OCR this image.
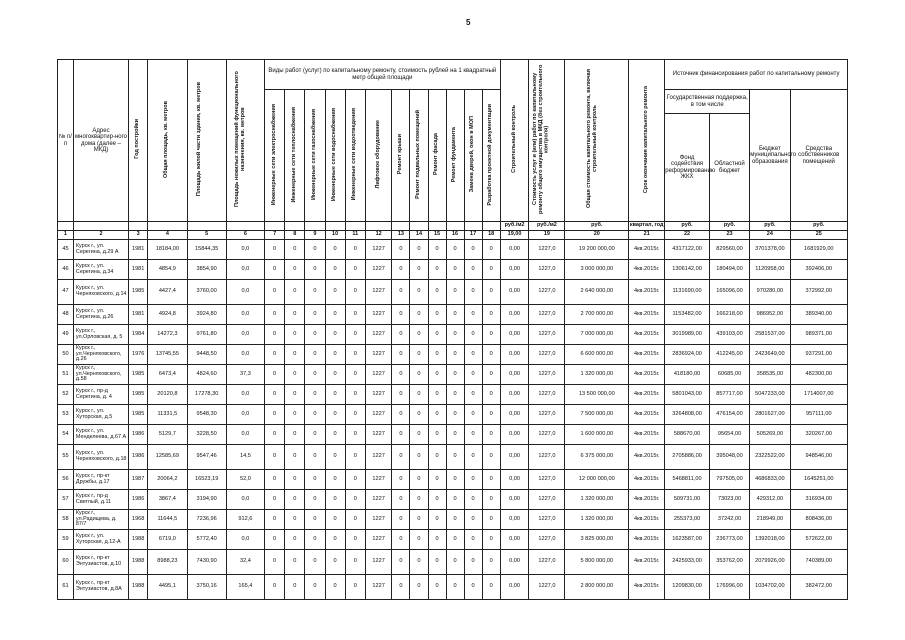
5
№ п/п	Адрес многоквартир-ного дома (далее – МКД)	Год постройки	Общая площадь, кв. метров	Площадь жилой части здания, кв. метров	Площадь нежилых помещений функционального назначения, кв. метров	Виды работ (услуг) по капитальному ремонту, стоимость рублей на 1 квадратный метр общей площади												Строительный контроль	Стоимость услуг и (или) работ по капитальному ремонту общего имущества в МКД (без строительного контроля)	Общая стоимость капитального ремонта, включая строительный контроль	Срок окончания капитального ремонта	Источник финансирования работ по капитальному ремонту			
						Инженерные сети электроснабжения	Инженерные сети теплоснабжения	Инженерные сети газоснабжения	Инженерные сети водоснабжения	Инженерные сети водоотведения	Лифтовое оборудование	Ремонт крыши	Ремонт подвальных помещений	Ремонт фасада	Ремонт фундамента	Замена дверей, окон в МОП	Разработка проектной документации					Государственная поддержка, в том числе		Бюджет муниципального образования	Средства собственников помещений
																						Фонд содействия реформированию ЖКХ	Областной бюджет		
																		руб./м2	руб./м2	руб.	квартал, год	руб.	руб.	руб.	руб.
1	2	3	4	5	6	7	8	9	10	11	12	13	14	15	16	17	18	19,00	19	20	21	22	23	24	25
45	Курск г., ул. Серегина, д.29 А	1981	18184,00	15844,35	0,0	0	0	0	0	0	1227	0	0	0	0	0	0	0,00	1227,0	19 200 000,00	4кв.2015г.	4317122,00	829560,00	3701378,00	1681929,00
46	Курск г., ул. Серегина, д.34	1981	4854,9	3854,90	0,0	0	0	0	0	0	1227	0	0	0	0	0	0	0,00	1227,0	3 000 000,00	4кв.2015г.	1306142,00	180494,00	1120958,00	392406,00
47	Курск г., ул. Черняховского, д.14	1985	4427,4	3760,00	0,0	0	0	0	0	0	1227	0	0	0	0	0	0	0,00	1227,0	2 640 000,00	4кв.2015г.	1131690,00	165096,00	970280,00	372992,00
48	Курск г., ул. Серегина, д.26	1981	4924,8	3924,80	0,0	0	0	0	0	0	1227	0	0	0	0	0	0	0,00	1227,0	2 700 000,00	4кв.2015г.	1153482,00	166218,00	986952,00	389340,00
49	Курск г., ул.Орловская, д. 5	1984	14272,3	9761,80	0,0	0	0	0	0	0	1227	0	0	0	0	0	0	0,00	1227,0	7 000 000,00	4кв.2015г.	3019989,00	439103,00	2581537,00	989371,00
50	Курск г., ул.Черняховского, д.26	1976	13745,55	9448,50	0,0	0	0	0	0	0	1227	0	0	0	0	0	0	0,00	1227,0	6 600 000,00	4кв.2015г.	2836924,00	412245,00	2423649,00	937291,00
51	Курск г., ул.Черняховского, д.58	1985	6473,4	4824,60	37,3	0	0	0	0	0	1227	0	0	0	0	0	0	0,00	1227,0	1 320 000,00	4кв.2015г.	418180,00	60685,00	358535,00	482300,00
52	Курск г., пр-д Серегина, д. 4	1985	20120,8	17278,30	0,0	0	0	0	0	0	1227	0	0	0	0	0	0	0,00	1227,0	13 500 000,00	4кв.2015г.	5801043,00	857717,00	5047233,00	1714007,00
53	Курск г., ул. Хуторская, д.5	1985	11331,5	9548,30	0,0	0	0	0	0	0	1227	0	0	0	0	0	0	0,00	1227,0	7 500 000,00	4кв.2015г.	3264808,00	476154,00	2801627,00	957111,00
54	Курск г., ул. Менделеева, д.67 А	1986	5129,7	3228,50	0,0	0	0	0	0	0	1227	0	0	0	0	0	0	0,00	1227,0	1 600 000,00	4кв.2015г.	588670,00	95654,00	505269,00	320267,00
55	Курск г., ул. Черняховского, д.18	1986	12585,69	9547,46	14,5	0	0	0	0	0	1227	0	0	0	0	0	0	0,00	1227,0	6 375 000,00	4кв.2015г.	2705886,00	395048,00	2322522,00	948546,00
56	Курск г., пр-кт Дружбы, д.17	1987	20064,2	16523,19	52,0	0	0	0	0	0	1227	0	0	0	0	0	0	0,00	1227,0	12 000 000,00	4кв.2015г.	5468811,00	797505,00	4686833,00	1645251,00
57	Курск г., пр-д Светлый, д.11	1986	3867,4	3194,90	0,0	0	0	0	0	0	1227	0	0	0	0	0	0	0,00	1227,0	1 320 000,00	4кв.2015г.	509731,00	73023,00	429312,00	316934,00
58	Курск г., ул.Радищева, д. 87/7	1968	11644,5	7236,96	912,6	0	0	0	0	0	1227	0	0	0	0	0	0	0,00	1227,0	1 320 000,00	4кв.2015г.	255373,00	37242,00	218949,00	808436,00
59	Курск г., ул. Хуторская, д.12-А	1988	6719,0	5772,40	0,0	0	0	0	0	0	1227	0	0	0	0	0	0	0,00	1227,0	3 825 000,00	4кв.2015г.	1623587,00	236773,00	1392018,00	572622,00
60	Курск г., пр-кт Энтузиастов, д.10	1988	8988,23	7430,90	32,4	0	0	0	0	0	1227	0	0	0	0	0	0	0,00	1227,0	5 800 000,00	4кв.2015г.	2425933,00	353762,00	2079926,00	740389,00
61	Курск г., пр-кт Энтузиастов, д.8А	1988	4495,1	3750,16	165,4	0	0	0	0	0	1227	0	0	0	0	0	0	0,00	1227,0	2 800 000,00	4кв.2015г.	1209830,00	176996,00	1034702,00	382472,00
